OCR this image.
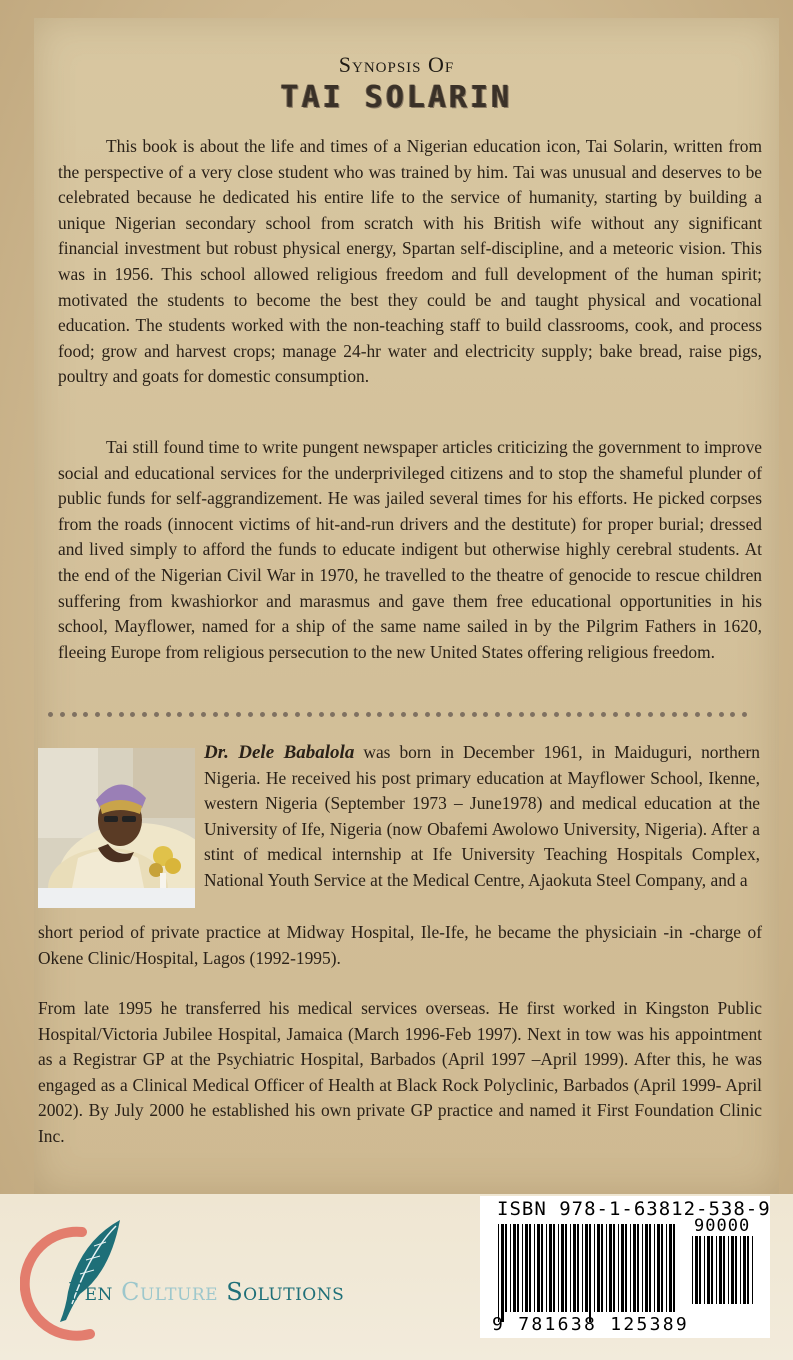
Synopsis Of
TAI SOLARIN

This book is about the life and times of a Nigerian education icon, Tai Solarin, written from the perspective of a very close student who was trained by him. Tai was unusual and deserves to be celebrated because he dedicated his entire life to the service of humanity, starting by building a unique Nigerian secondary school from scratch with his British wife without any significant financial investment but robust physical energy, Spartan self-discipline, and a meteoric vision. This was in 1956. This school allowed religious freedom and full development of the human spirit; motivated the students to become the best they could be and taught physical and vocational education. The students worked with the non-teaching staff to build classrooms, cook, and process food; grow and harvest crops; manage 24-hr water and electricity supply; bake bread, raise pigs, poultry and goats for domestic consumption.

Tai still found time to write pungent newspaper articles criticizing the government to improve social and educational services for the underprivileged citizens and to stop the shameful plunder of public funds for self-aggrandizement. He was jailed several times for his efforts. He picked corpses from the roads (innocent victims of hit-and-run drivers and the destitute) for proper burial; dressed and lived simply to afford the funds to educate indigent but otherwise highly cerebral students. At the end of the Nigerian Civil War in 1970, he travelled to the theatre of genocide to rescue children suffering from kwashiorkor and marasmus and gave them free educational opportunities in his school, Mayflower, named for a ship of the same name sailed in by the Pilgrim Fathers in 1620, fleeing Europe from religious persecution to the new United States offering religious freedom.

Dr. Dele Babalola was born in December 1961, in Maiduguri, northern Nigeria. He received his post primary education at Mayflower School, Ikenne, western Nigeria (September 1973 – June1978) and medical education at the University of Ife, Nigeria (now Obafemi Awolowo University, Nigeria). After a stint of medical internship at Ife University Teaching Hospitals Complex, National Youth Service at the Medical Centre, Ajaokuta Steel Company, and a

short period of private practice at Midway Hospital, Ile-Ife, he became the physiciain -in -charge of Okene Clinic/Hospital, Lagos (1992-1995).

From late 1995 he transferred his medical services overseas. He first worked in Kingston Public Hospital/Victoria Jubilee Hospital, Jamaica (March 1996-Feb 1997). Next in tow was his appointment as a Registrar GP at the Psychiatric Hospital, Barbados (April 1997 –April 1999). After this, he was engaged as a Clinical Medical Officer of Health at Black Rock Polyclinic, Barbados (April 1999- April 2002). By July 2000 he established his own private GP practice and named it First Foundation Clinic Inc.

Pen Culture Solutions
ISBN 978-1-63812-538-9
90000
9 781638 125389
